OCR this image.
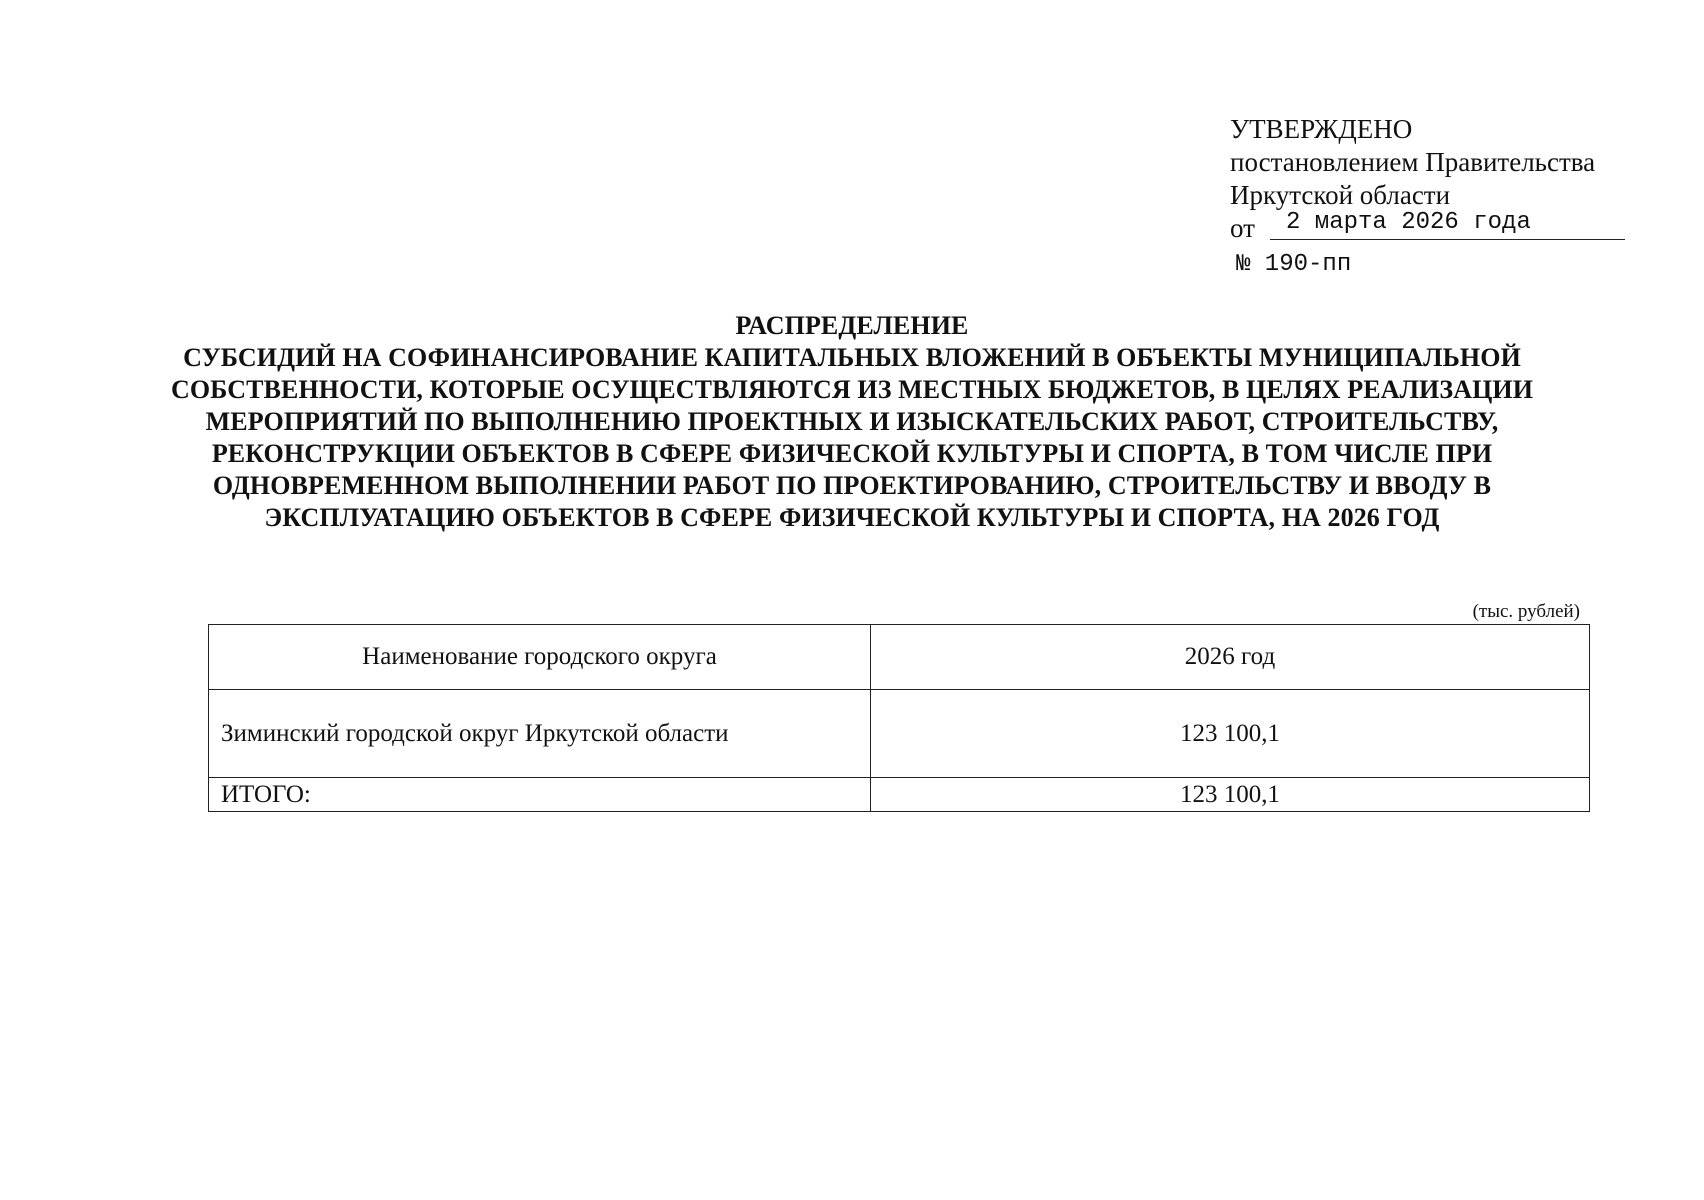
УТВЕРЖДЕНО
постановлением Правительства
Иркутской области
от	2 марта 2026 года
№ 190-пп
РАСПРЕДЕЛЕНИЕ
СУБСИДИЙ НА СОФИНАНСИРОВАНИЕ КАПИТАЛЬНЫХ ВЛОЖЕНИЙ В ОБЪЕКТЫ МУНИЦИПАЛЬНОЙ СОБСТВЕННОСТИ, КОТОРЫЕ ОСУЩЕСТВЛЯЮТСЯ ИЗ МЕСТНЫХ БЮДЖЕТОВ, В ЦЕЛЯХ РЕАЛИЗАЦИИ МЕРОПРИЯТИЙ ПО ВЫПОЛНЕНИЮ ПРОЕКТНЫХ И ИЗЫСКАТЕЛЬСКИХ РАБОТ, СТРОИТЕЛЬСТВУ, РЕКОНСТРУКЦИИ ОБЪЕКТОВ В СФЕРЕ ФИЗИЧЕСКОЙ КУЛЬТУРЫ И СПОРТА, В ТОМ ЧИСЛЕ ПРИ ОДНОВРЕМЕННОМ ВЫПОЛНЕНИИ РАБОТ ПО ПРОЕКТИРОВАНИЮ, СТРОИТЕЛЬСТВУ И ВВОДУ В ЭКСПЛУАТАЦИЮ ОБЪЕКТОВ В СФЕРЕ ФИЗИЧЕСКОЙ КУЛЬТУРЫ И СПОРТА, НА 2026 ГОД
(тыс. рублей)
Наименование городского округа	2026 год
Зиминский городской округ Иркутской области	123 100,1
ИТОГО:	123 100,1
